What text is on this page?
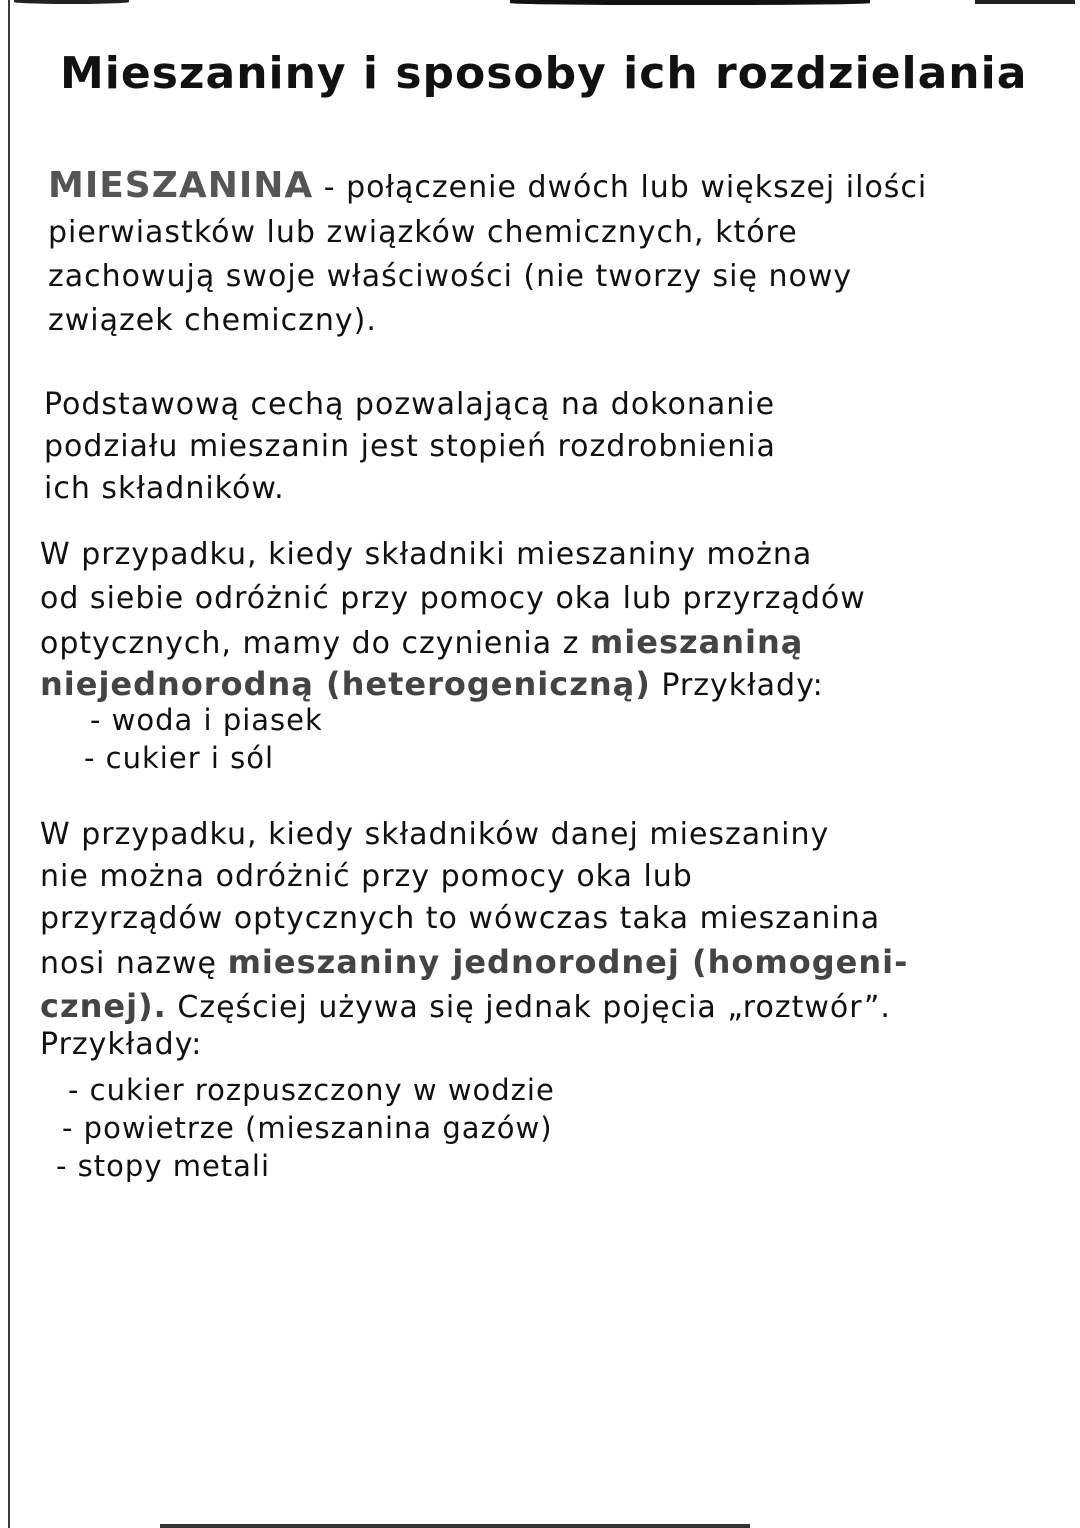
Mieszaniny i sposoby ich rozdzielania
MIESZANINA - połączenie dwóch lub większej ilości
pierwiastków lub związków chemicznych, które
zachowują swoje właściwości (nie tworzy się nowy
związek chemiczny).
Podstawową cechą pozwalającą na dokonanie
podziału mieszanin jest stopień rozdrobnienia
ich składników.
W przypadku, kiedy składniki mieszaniny można
od siebie odróżnić przy pomocy oka lub przyrządów
optycznych, mamy do czynienia z mieszaniną
niejednorodną (heterogeniczną) Przykłady:
- woda i piasek
- cukier i sól
W przypadku, kiedy składników danej mieszaniny
nie można odróżnić przy pomocy oka lub
przyrządów optycznych to wówczas taka mieszanina
nosi nazwę mieszaniny jednorodnej (homogeni-
cznej). Częściej używa się jednak pojęcia „roztwór”.
Przykłady:
- cukier rozpuszczony w wodzie
- powietrze (mieszanina gazów)
- stopy metali
